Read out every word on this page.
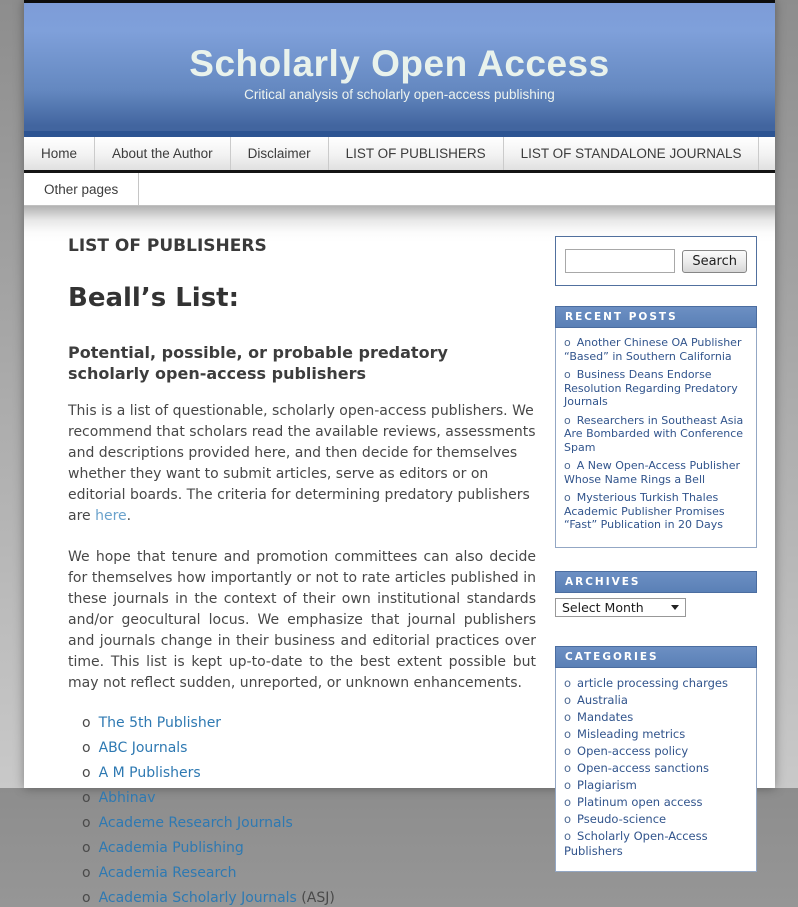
Scholarly Open Access
Critical analysis of scholarly open-access publishing
Home	About the Author	Disclaimer	LIST OF PUBLISHERS	LIST OF STANDALONE JOURNALS
Other pages
LIST OF PUBLISHERS
Beall’s List:
Potential, possible, or probable predatory scholarly open-access publishers

This is a list of questionable, scholarly open-access publishers. We recommend that scholars read the available reviews, assessments and descriptions provided here, and then decide for themselves whether they want to submit articles, serve as editors or on editorial boards. The criteria for determining predatory publishers are here.

We hope that tenure and promotion committees can also decide for themselves how importantly or not to rate articles published in these journals in the context of their own institutional standards and/or geocultural locus. We emphasize that journal publishers and journals change in their business and editorial practices over time. This list is kept up-to-date to the best extent possible but may not reflect sudden, unreported, or unknown enhancements.

o The 5th Publisher
o ABC Journals
o A M Publishers
o Abhinav
o Academe Research Journals
o Academia Publishing
o Academia Research
o Academia Scholarly Journals (ASJ)
Search
RECENT POSTS
o Another Chinese OA Publisher “Based” in Southern California
o Business Deans Endorse Resolution Regarding Predatory Journals
o Researchers in Southeast Asia Are Bombarded with Conference Spam
o A New Open-Access Publisher Whose Name Rings a Bell
o Mysterious Turkish Thales Academic Publisher Promises “Fast” Publication in 20 Days
ARCHIVES
Select Month
CATEGORIES
o article processing charges
o Australia
o Mandates
o Misleading metrics
o Open-access policy
o Open-access sanctions
o Plagiarism
o Platinum open access
o Pseudo-science
o Scholarly Open-Access Publishers
